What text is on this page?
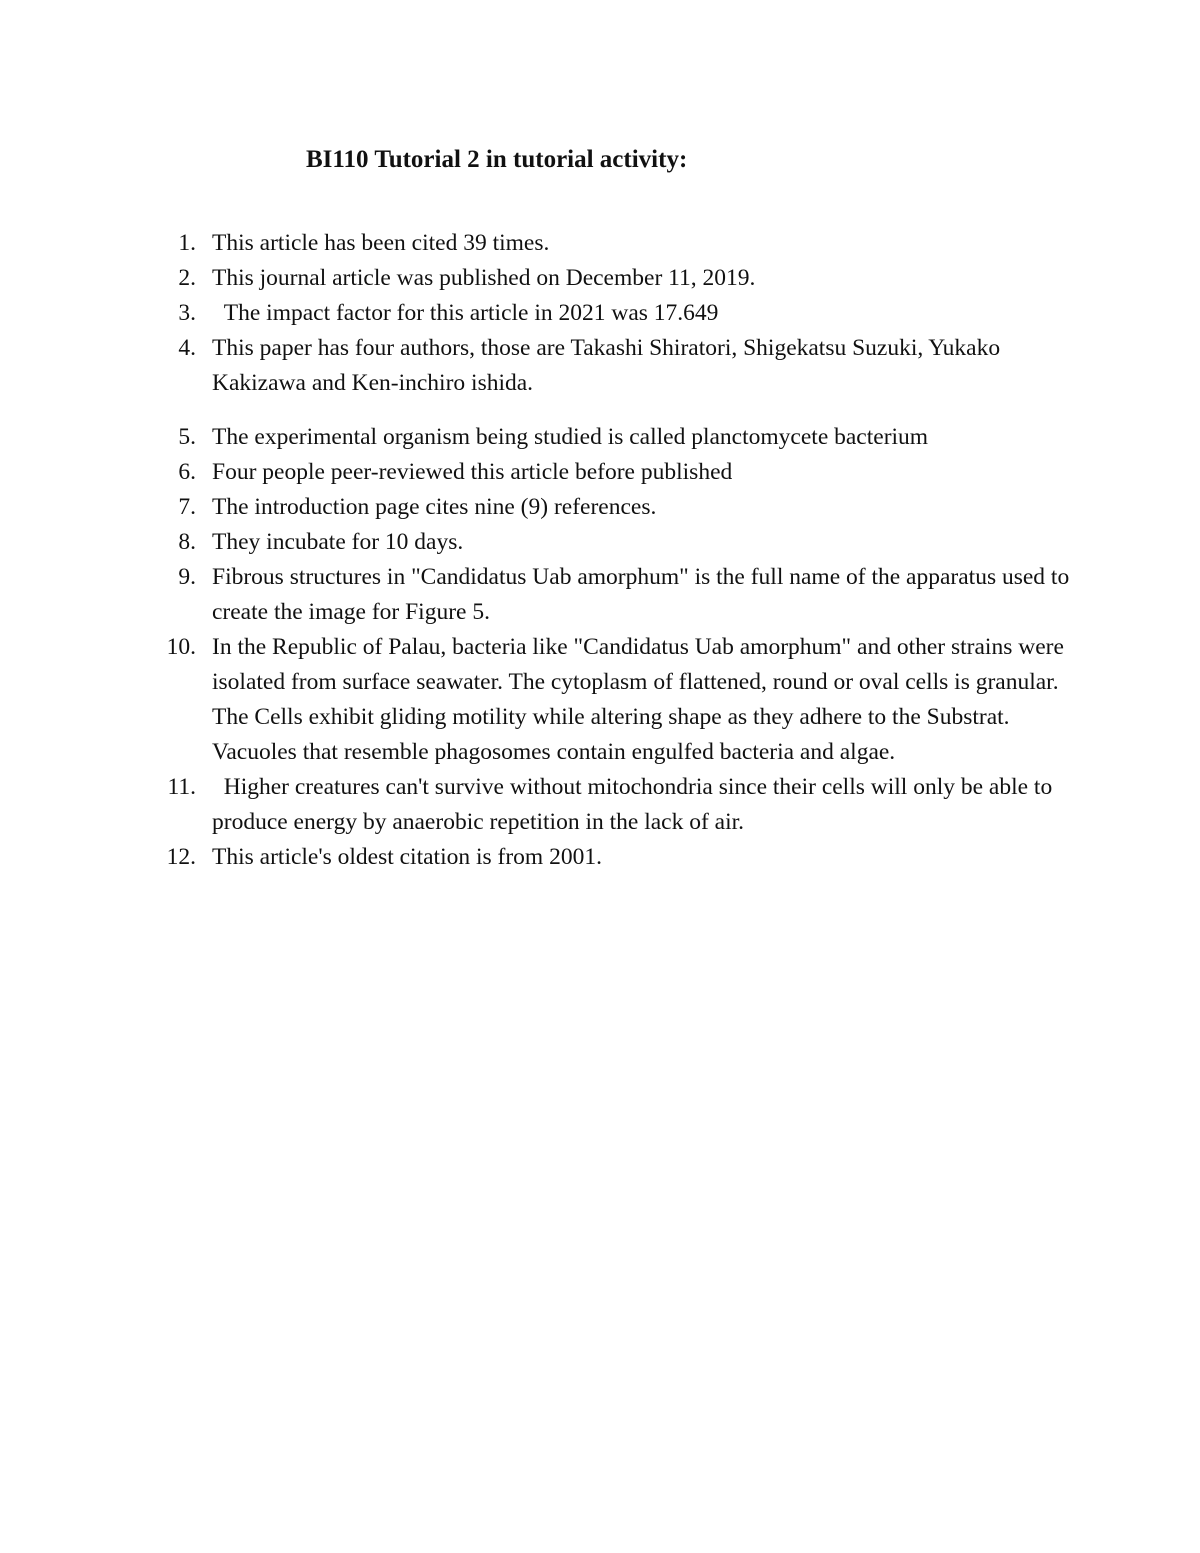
BI110 Tutorial 2 in tutorial activity:
1. This article has been cited 39 times.
2. This journal article was published on December 11, 2019.
3. The impact factor for this article in 2021 was 17.649
4. This paper has four authors, those are Takashi Shiratori, Shigekatsu Suzuki, Yukako Kakizawa and Ken-inchiro ishida.
5. The experimental organism being studied is called planctomycete bacterium
6. Four people peer-reviewed this article before published
7. The introduction page cites nine (9) references.
8. They incubate for 10 days.
9. Fibrous structures in "Candidatus Uab amorphum" is the full name of the apparatus used to create the image for Figure 5.
10. In the Republic of Palau, bacteria like "Candidatus Uab amorphum" and other strains were isolated from surface seawater. The cytoplasm of flattened, round or oval cells is granular. The Cells exhibit gliding motility while altering shape as they adhere to the Substrat. Vacuoles that resemble phagosomes contain engulfed bacteria and algae.
11. Higher creatures can't survive without mitochondria since their cells will only be able to produce energy by anaerobic repetition in the lack of air.
12. This article's oldest citation is from 2001.
